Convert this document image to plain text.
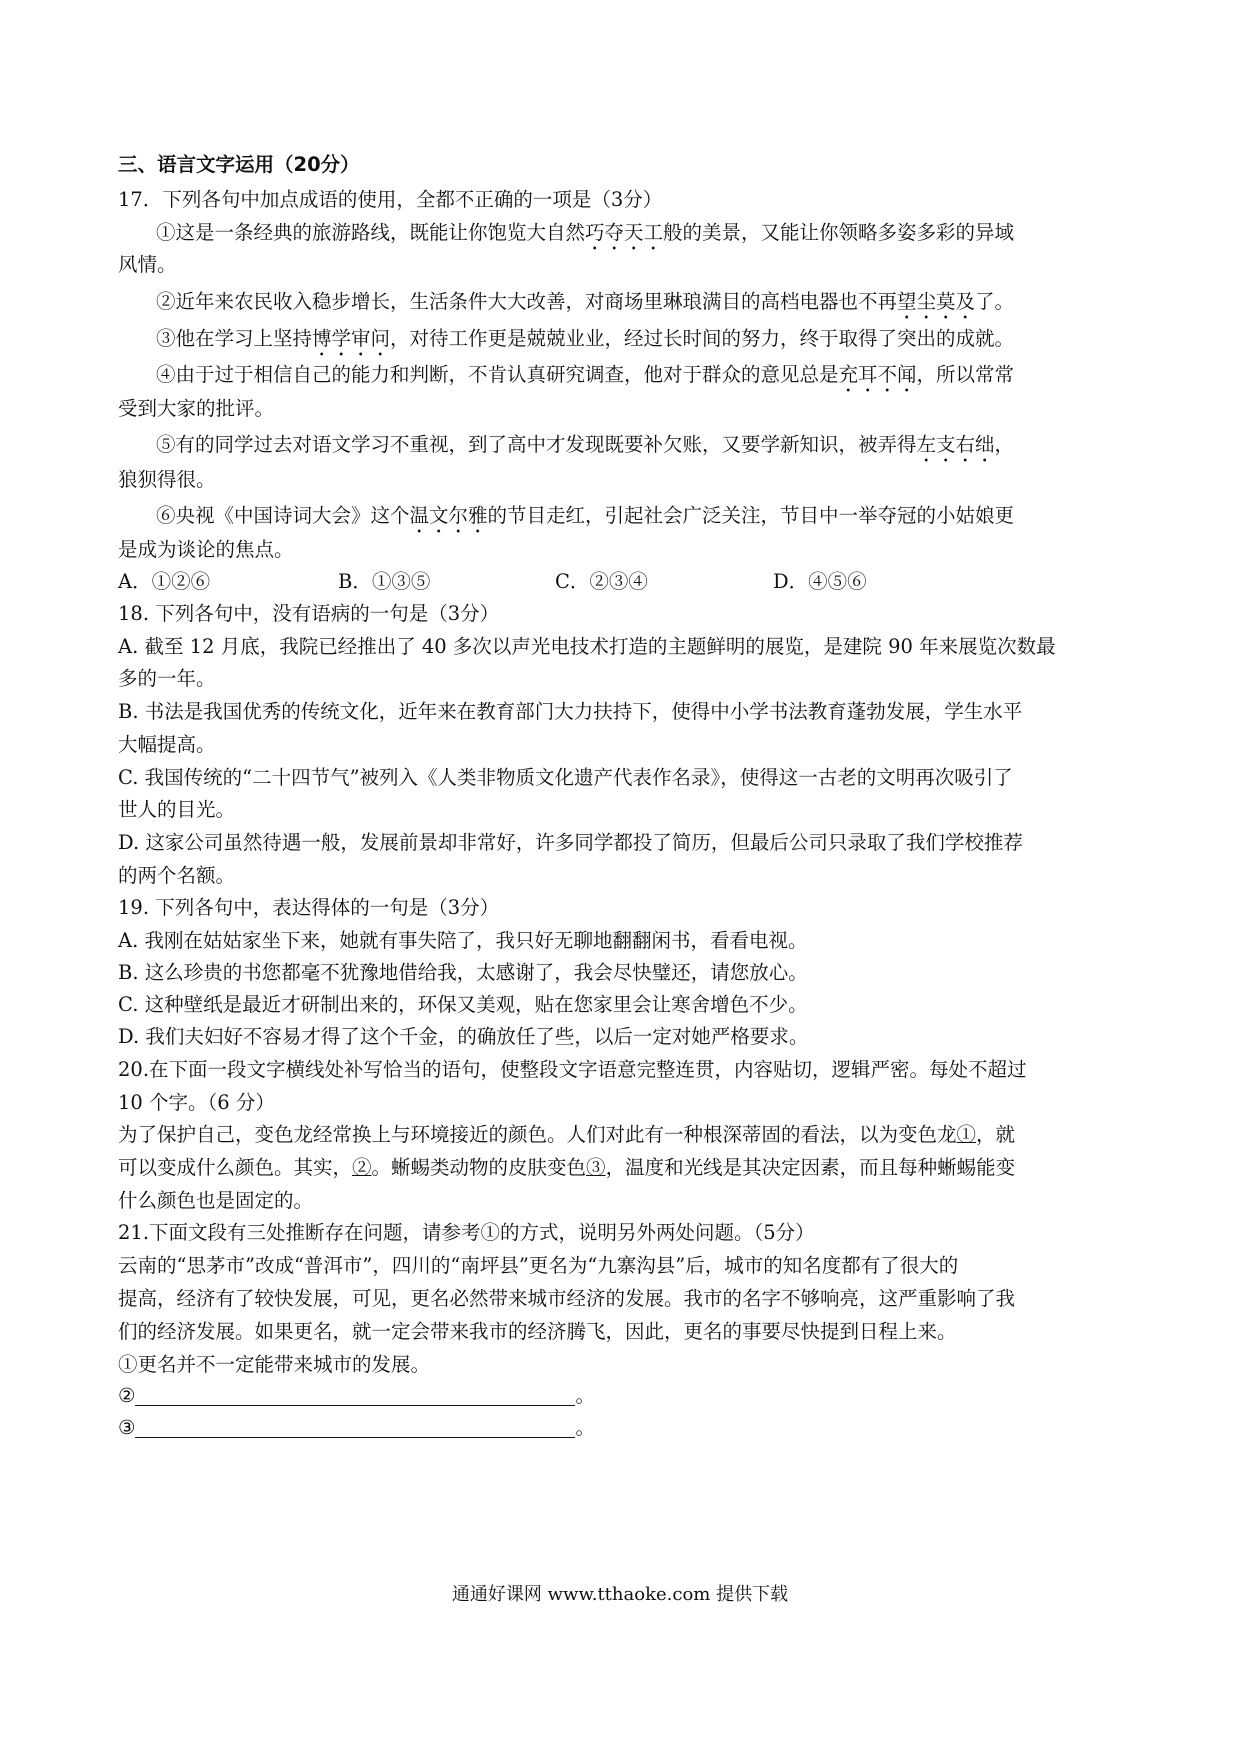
三、语言文字运用（20分）
17．下列各句中加点成语的使用，全都不正确的一项是（3分）
①这是一条经典的旅游路线，既能让你饱览大自然巧夺天工般的美景，又能让你领略多姿多彩的异域
风情。
②近年来农民收入稳步增长，生活条件大大改善，对商场里琳琅满目的高档电器也不再望尘莫及了。
③他在学习上坚持博学审问，对待工作更是兢兢业业，经过长时间的努力，终于取得了突出的成就。
④由于过于相信自己的能力和判断，不肯认真研究调查，他对于群众的意见总是充耳不闻，所以常常
受到大家的批评。
⑤有的同学过去对语文学习不重视，到了高中才发现既要补欠账，又要学新知识，被弄得左支右绌，
狼狈得很。
⑥央视《中国诗词大会》这个温文尔雅的节目走红，引起社会广泛关注，节目中一举夺冠的小姑娘更
是成为谈论的焦点。
A．①②⑥	B．①③⑤	C．②③④	D．④⑤⑥
18. 下列各句中，没有语病的一句是（3分）
A. 截至 12 月底，我院已经推出了 40 多次以声光电技术打造的主题鲜明的展览，是建院 90 年来展览次数最
多的一年。
B. 书法是我国优秀的传统文化，近年来在教育部门大力扶持下，使得中小学书法教育蓬勃发展，学生水平
大幅提高。
C. 我国传统的“二十四节气”被列入《人类非物质文化遗产代表作名录》，使得这一古老的文明再次吸引了
世人的目光。
D. 这家公司虽然待遇一般，发展前景却非常好，许多同学都投了简历，但最后公司只录取了我们学校推荐
的两个名额。
19. 下列各句中，表达得体的一句是（3分）
A. 我刚在姑姑家坐下来，她就有事失陪了，我只好无聊地翻翻闲书，看看电视。
B. 这么珍贵的书您都毫不犹豫地借给我，太感谢了，我会尽快璧还，请您放心。
C. 这种壁纸是最近才研制出来的，环保又美观，贴在您家里会让寒舍增色不少。
D. 我们夫妇好不容易才得了这个千金，的确放任了些，以后一定对她严格要求。
20.在下面一段文字横线处补写恰当的语句，使整段文字语意完整连贯，内容贴切，逻辑严密。每处不超过
10 个字。（6 分）
为了保护自己，变色龙经常换上与环境接近的颜色。人们对此有一种根深蒂固的看法，以为变色龙①，就
可以变成什么颜色。其实，②。蜥蜴类动物的皮肤变色③，温度和光线是其决定因素，而且每种蜥蜴能变
什么颜色也是固定的。
21.下面文段有三处推断存在问题，请参考①的方式，说明另外两处问题。（5分）
云南的“思茅市”改成“普洱市”，四川的“南坪县”更名为“九寨沟县”后，城市的知名度都有了很大的
提高，经济有了较快发展，可见，更名必然带来城市经济的发展。我市的名字不够响亮，这严重影响了我
们的经济发展。如果更名，就一定会带来我市的经济腾飞，因此，更名的事要尽快提到日程上来。
①更名并不一定能带来城市的发展。
②	。
③	。
通通好课网 www.tthaoke.com 提供下载
